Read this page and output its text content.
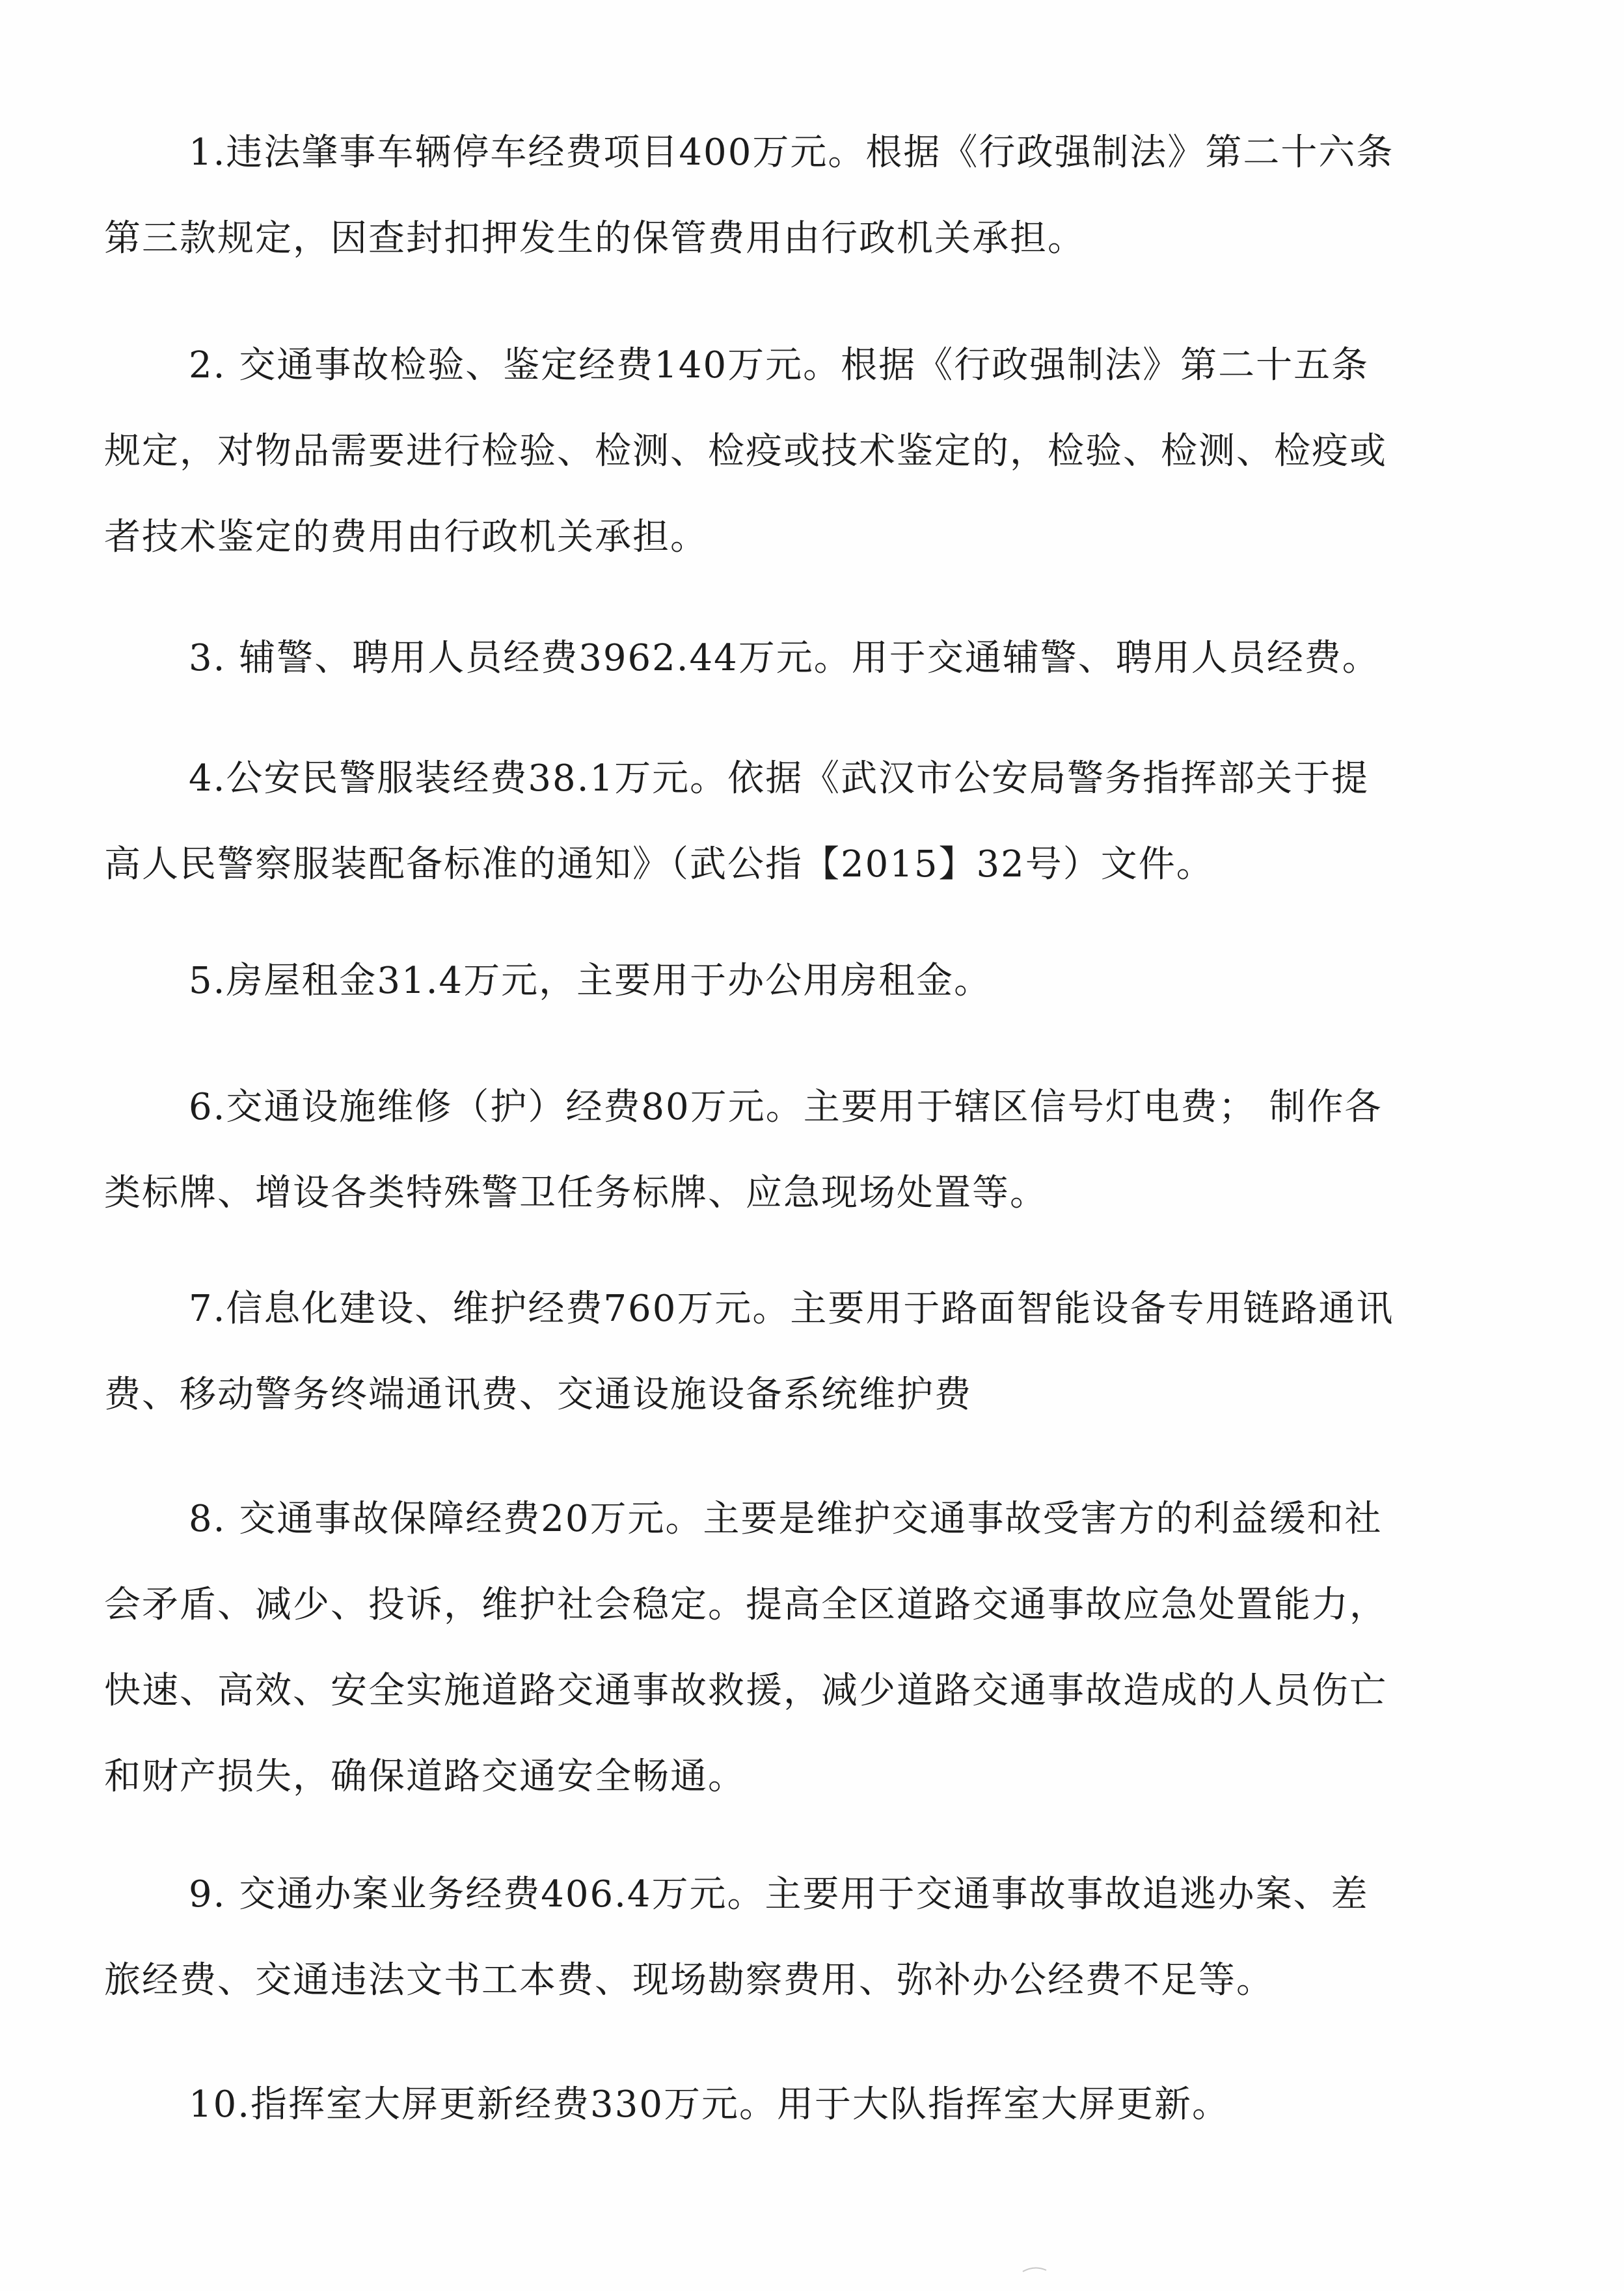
1.违法肇事车辆停车经费项目400万元。根据《行政强制法》第二十六条
第三款规定，因查封扣押发生的保管费用由行政机关承担。
2. 交通事故检验、鉴定经费140万元。根据《行政强制法》第二十五条
规定，对物品需要进行检验、检测、检疫或技术鉴定的，检验、检测、检疫或
者技术鉴定的费用由行政机关承担。
3. 辅警、聘用人员经费3962.44万元。用于交通辅警、聘用人员经费。
4.公安民警服装经费38.1万元。依据《武汉市公安局警务指挥部关于提
高人民警察服装配备标准的通知》（武公指【2015】32号）文件。
5.房屋租金31.4万元，主要用于办公用房租金。
6.交通设施维修（护）经费80万元。主要用于辖区信号灯电费； 制作各
类标牌、增设各类特殊警卫任务标牌、应急现场处置等。
7.信息化建设、维护经费760万元。主要用于路面智能设备专用链路通讯
费、移动警务终端通讯费、交通设施设备系统维护费
8. 交通事故保障经费20万元。主要是维护交通事故受害方的利益缓和社
会矛盾、减少、投诉，维护社会稳定。提高全区道路交通事故应急处置能力，
快速、高效、安全实施道路交通事故救援，减少道路交通事故造成的人员伤亡
和财产损失，确保道路交通安全畅通。
9. 交通办案业务经费406.4万元。主要用于交通事故事故追逃办案、差
旅经费、交通违法文书工本费、现场勘察费用、弥补办公经费不足等。
10.指挥室大屏更新经费330万元。用于大队指挥室大屏更新。
